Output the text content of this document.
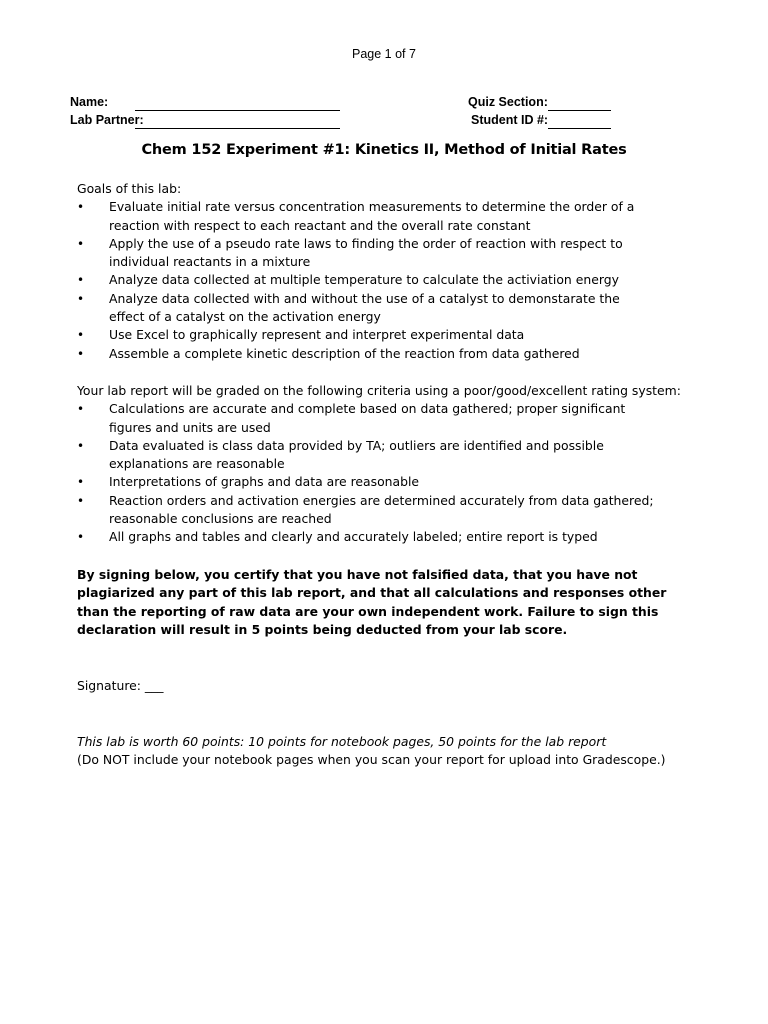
Page 1 of 7
Name:
Lab Partner:
Quiz Section:
Student ID #:
Chem 152 Experiment #1: Kinetics II, Method of Initial Rates

Goals of this lab:

•	Evaluate initial rate versus concentration measurements to determine the order of a reaction with respect to each reactant and the overall rate constant
•	Apply the use of a pseudo rate laws to finding the order of reaction with respect to individual reactants in a mixture
•	Analyze data collected at multiple temperature to calculate the activiation energy
•	Analyze data collected with and without the use of a catalyst to demonstarate the effect of a catalyst on the activation energy
•	Use Excel to graphically represent and interpret experimental data
•	Assemble a complete kinetic description of the reaction from data gathered

Your lab report will be graded on the following criteria using a poor/good/excellent rating system:

•	Calculations are accurate and complete based on data gathered; proper significant figures and units are used
•	Data evaluated is class data provided by TA; outliers are identified and possible explanations are reasonable
•	Interpretations of graphs and data are reasonable
•	Reaction orders and activation energies are determined accurately from data gathered; reasonable conclusions are reached
•	All graphs and tables and clearly and accurately labeled; entire report is typed
By signing below, you certify that you have not falsified data, that you have not plagiarized any part of this lab report, and that all calculations and responses other than the reporting of raw data are your own independent work. Failure to sign this declaration will result in 5 points being deducted from your lab score.
Signature: ___
This lab is worth 60 points: 10 points for notebook pages, 50 points for the lab report
(Do NOT include your notebook pages when you scan your report for upload into Gradescope.)
